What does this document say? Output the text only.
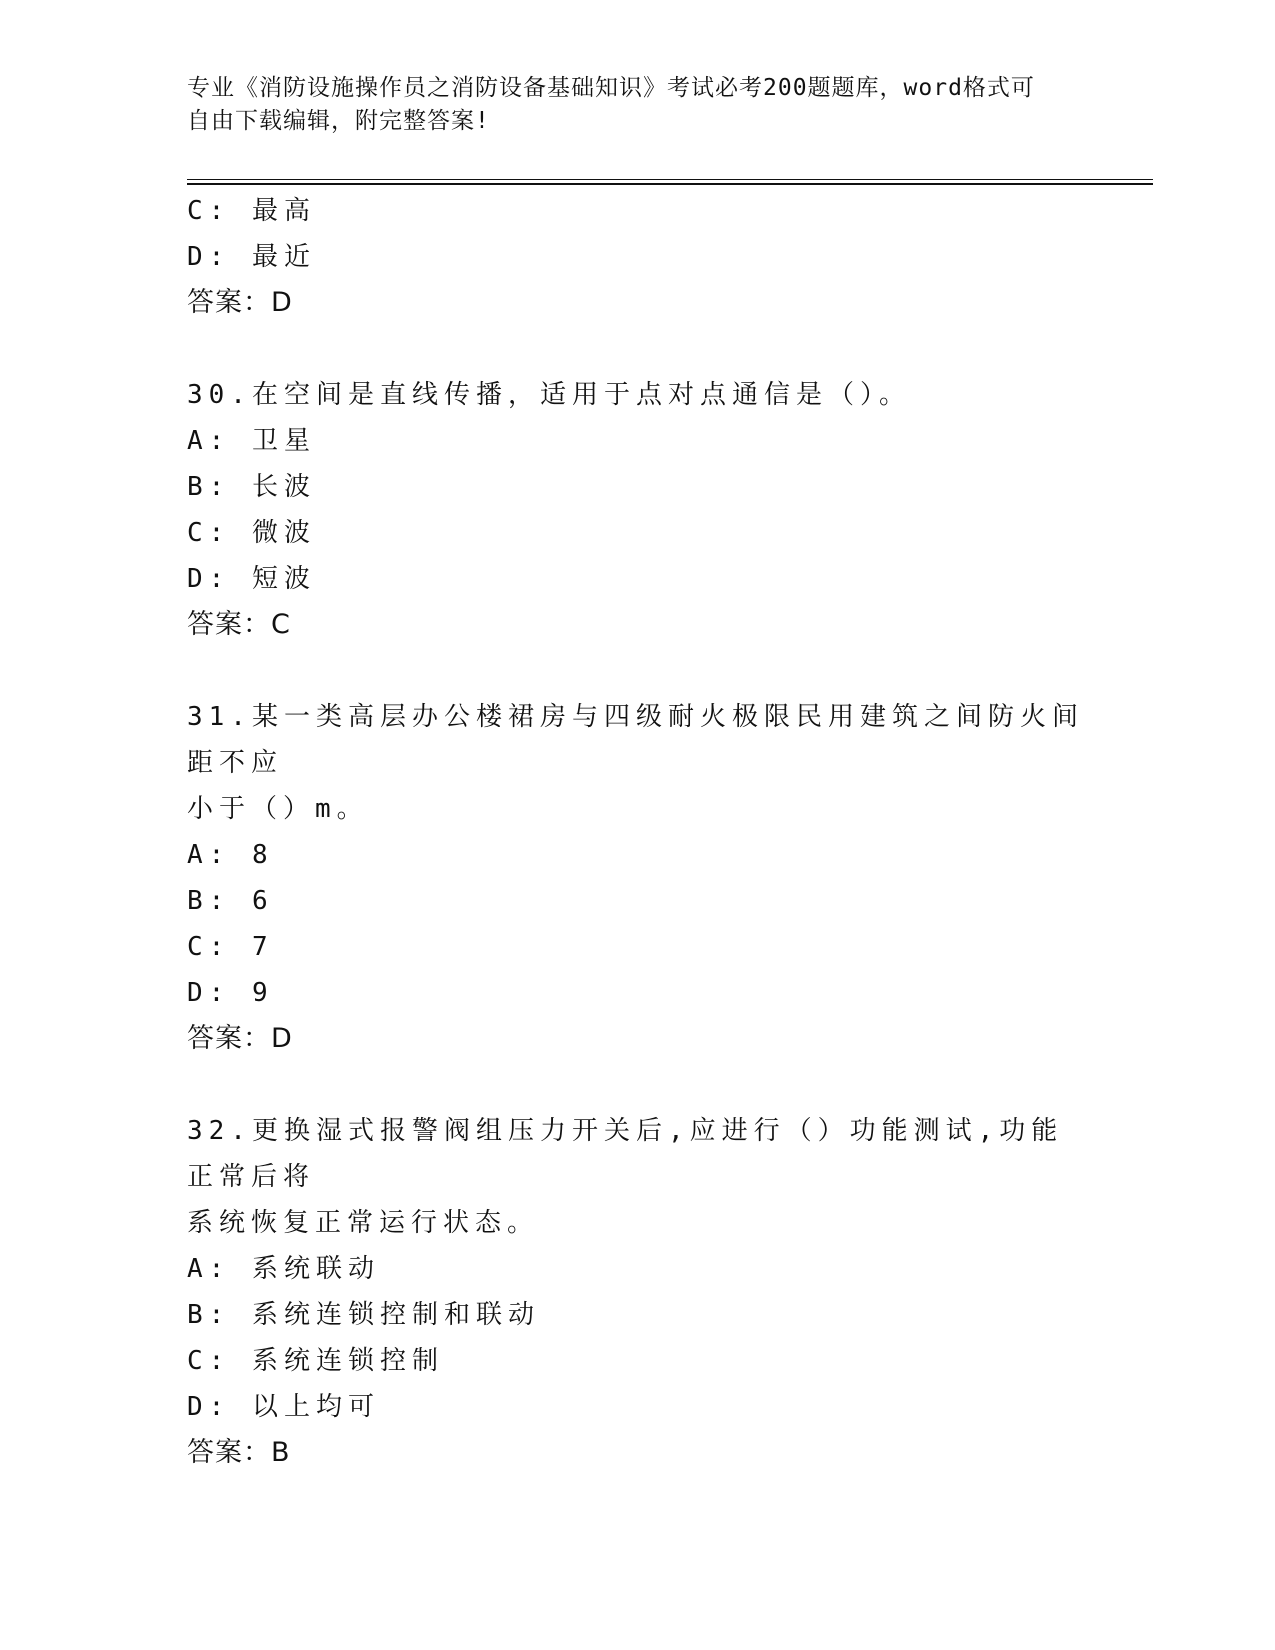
专业《消防设施操作员之消防设备基础知识》考试必考200题题库，word格式可
自由下载编辑，附完整答案!
C: 最高
D: 最近
答案：D
30.在空间是直线传播，适用于点对点通信是（）。
A: 卫星
B: 长波
C: 微波
D: 短波
答案：C
31.某一类高层办公楼裙房与四级耐火极限民用建筑之间防火间距不应
小于（）m。
A: 8
B: 6
C: 7
D: 9
答案：D
32.更换湿式报警阀组压力开关后,应进行（）功能测试,功能正常后将
系统恢复正常运行状态。
A: 系统联动
B: 系统连锁控制和联动
C: 系统连锁控制
D: 以上均可
答案：B
